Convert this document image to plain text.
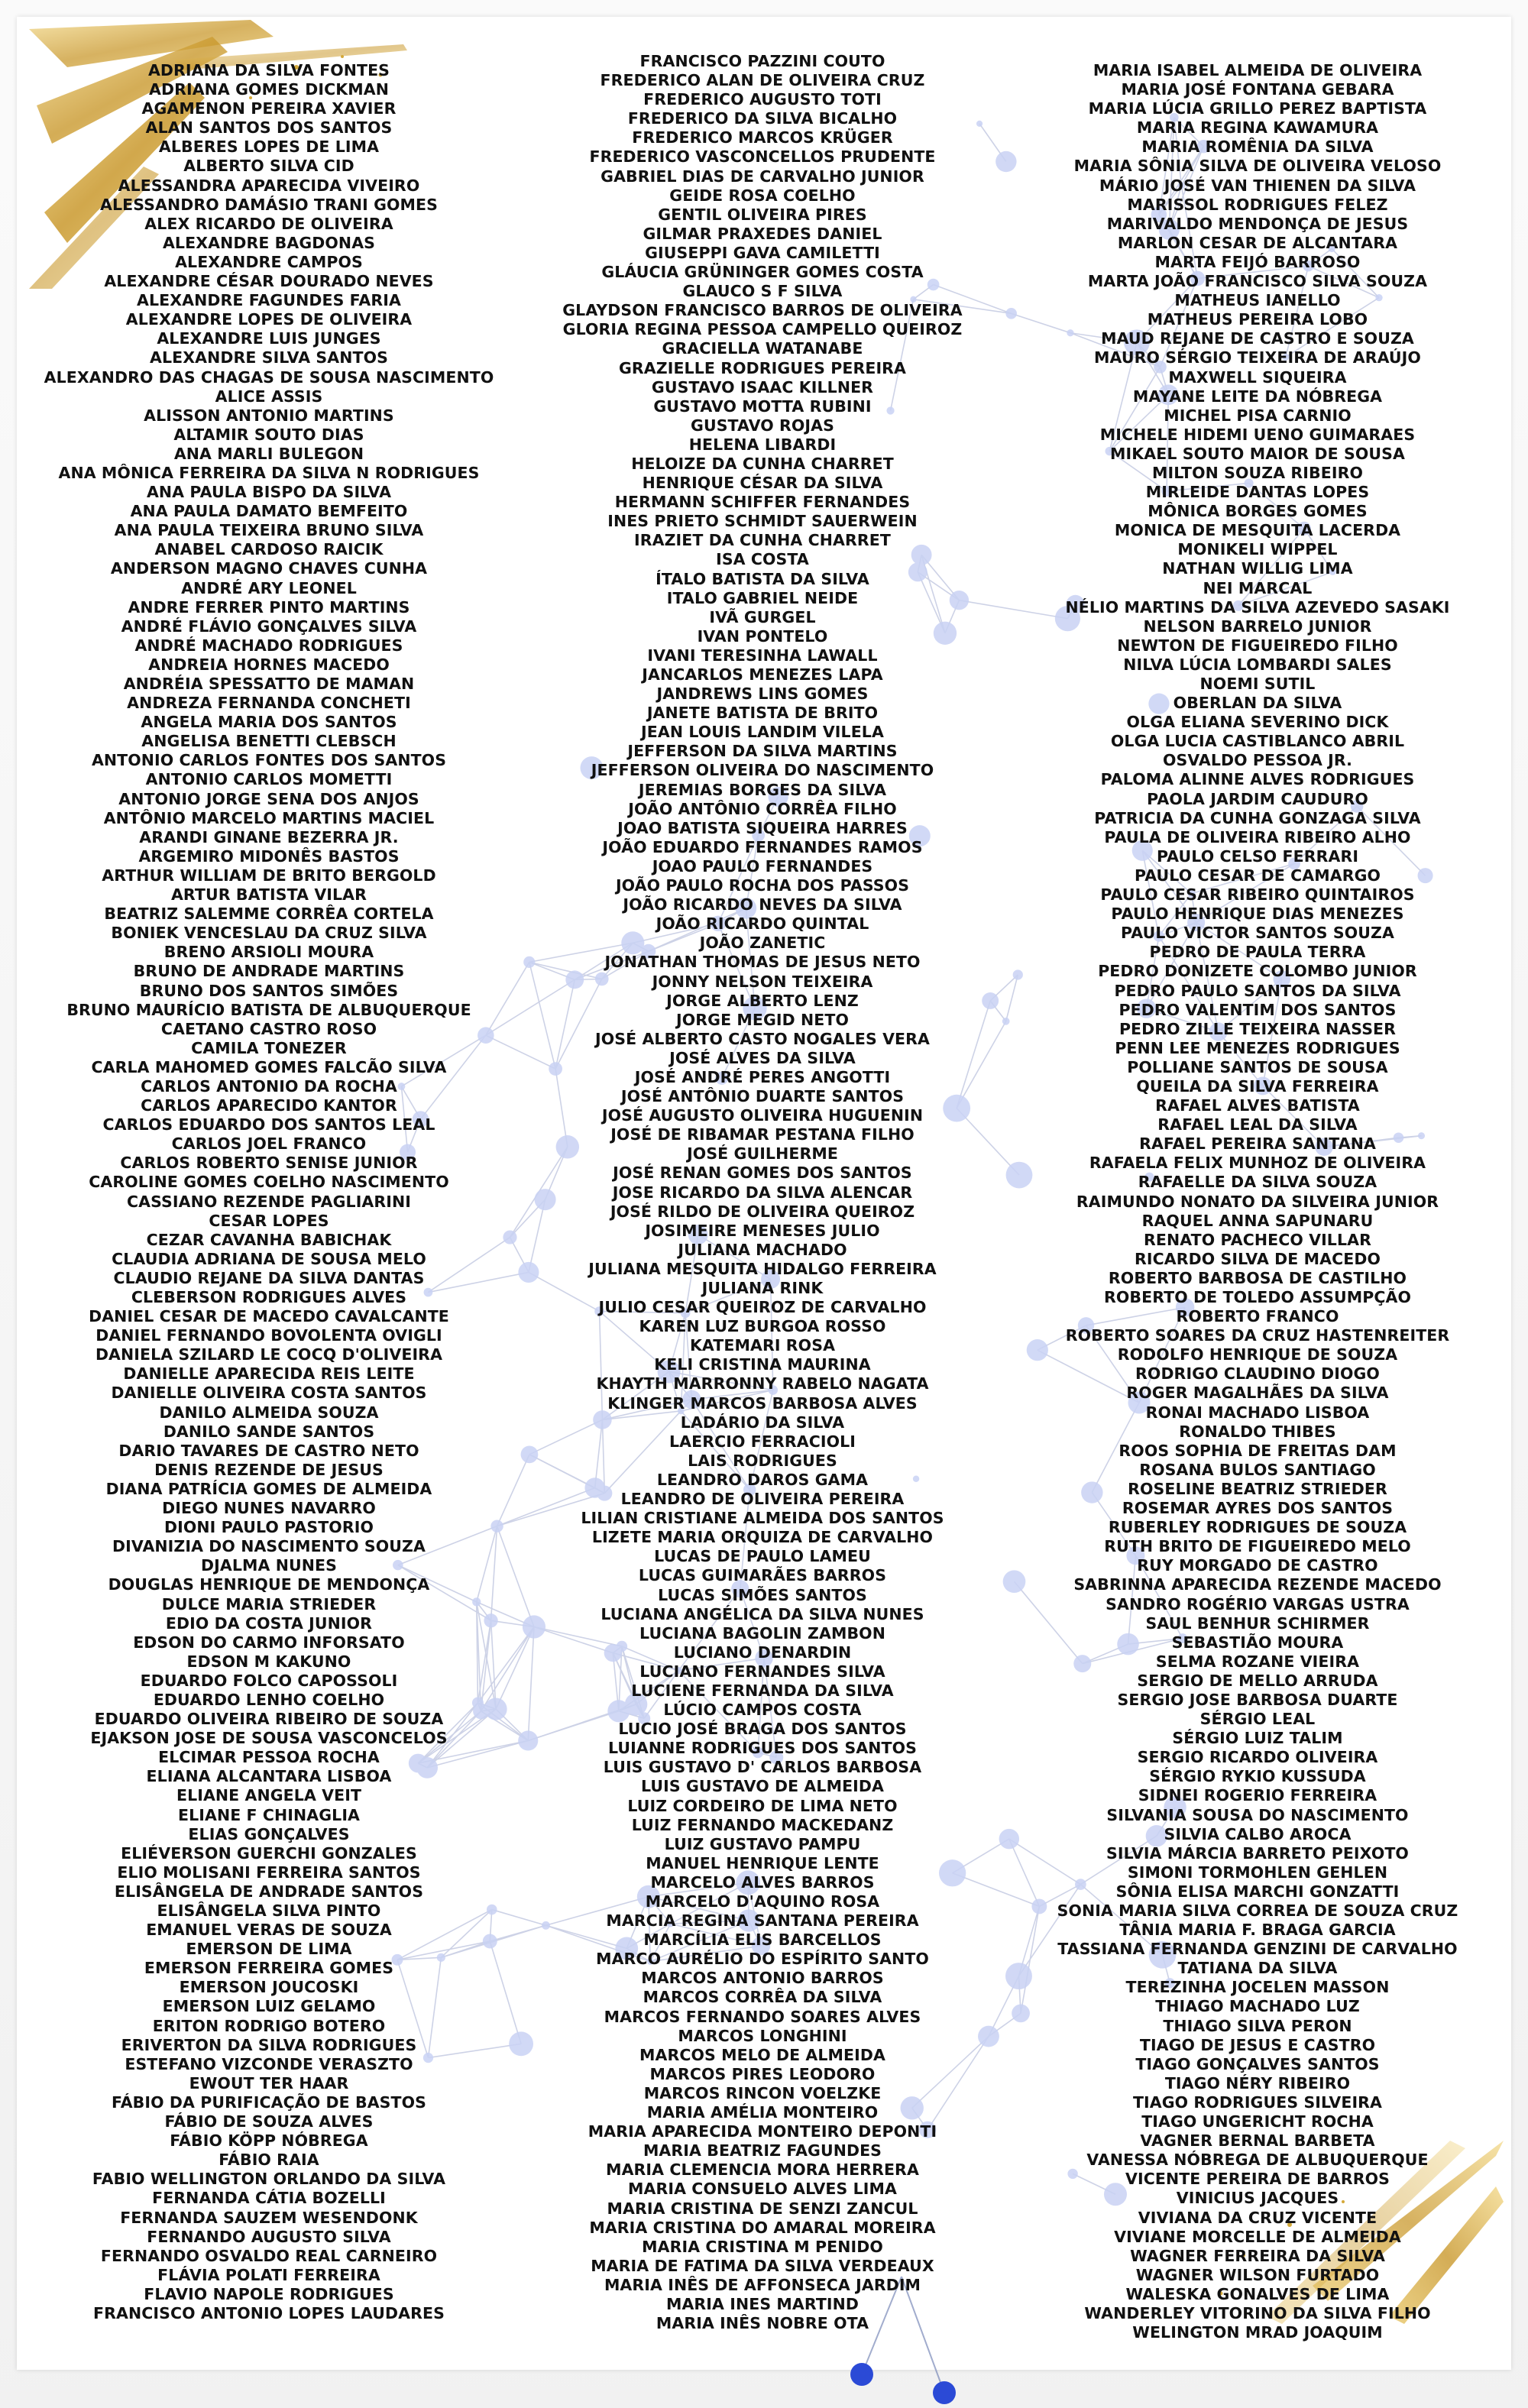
ADRIANA DA SILVA FONTES
ADRIANA GOMES DICKMAN
AGAMENON PEREIRA XAVIER
ALAN SANTOS DOS SANTOS
ALBERES LOPES DE LIMA
ALBERTO SILVA CID
ALESSANDRA APARECIDA VIVEIRO
ALESSANDRO DAMÁSIO TRANI GOMES
ALEX RICARDO DE OLIVEIRA
ALEXANDRE BAGDONAS
ALEXANDRE CAMPOS
ALEXANDRE CÉSAR DOURADO NEVES
ALEXANDRE FAGUNDES FARIA
ALEXANDRE LOPES DE OLIVEIRA
ALEXANDRE LUIS JUNGES
ALEXANDRE SILVA SANTOS
ALEXANDRO DAS CHAGAS DE SOUSA NASCIMENTO
ALICE ASSIS
ALISSON ANTONIO MARTINS
ALTAMIR SOUTO DIAS
ANA MARLI BULEGON
ANA MÔNICA FERREIRA DA SILVA N RODRIGUES
ANA PAULA BISPO DA SILVA
ANA PAULA DAMATO BEMFEITO
ANA PAULA TEIXEIRA BRUNO SILVA
ANABEL CARDOSO RAICIK
ANDERSON MAGNO CHAVES CUNHA
ANDRÉ ARY LEONEL
ANDRE FERRER PINTO MARTINS
ANDRÉ FLÁVIO GONÇALVES SILVA
ANDRÉ MACHADO RODRIGUES
ANDREIA HORNES MACEDO
ANDRÉIA SPESSATTO DE MAMAN
ANDREZA FERNANDA CONCHETI
ANGELA MARIA DOS SANTOS
ANGELISA BENETTI CLEBSCH
ANTONIO CARLOS FONTES DOS SANTOS
ANTONIO CARLOS MOMETTI
ANTONIO JORGE SENA DOS ANJOS
ANTÔNIO MARCELO MARTINS MACIEL
ARANDI GINANE BEZERRA JR.
ARGEMIRO MIDONÊS BASTOS
ARTHUR WILLIAM DE BRITO BERGOLD
ARTUR BATISTA VILAR
BEATRIZ SALEMME CORRÊA CORTELA
BONIEK VENCESLAU DA CRUZ SILVA
BRENO ARSIOLI MOURA
BRUNO DE ANDRADE MARTINS
BRUNO DOS SANTOS SIMÕES
BRUNO MAURÍCIO BATISTA DE ALBUQUERQUE
CAETANO CASTRO ROSO
CAMILA TONEZER
CARLA MAHOMED GOMES FALCÃO SILVA
CARLOS ANTONIO DA ROCHA
CARLOS APARECIDO KANTOR
CARLOS EDUARDO DOS SANTOS LEAL
CARLOS JOEL FRANCO
CARLOS ROBERTO SENISE JUNIOR
CAROLINE GOMES COELHO NASCIMENTO
CASSIANO REZENDE PAGLIARINI
CESAR LOPES
CEZAR CAVANHA BABICHAK
CLAUDIA ADRIANA DE SOUSA MELO
CLAUDIO REJANE DA SILVA DANTAS
CLEBERSON RODRIGUES ALVES
DANIEL CESAR DE MACEDO CAVALCANTE
DANIEL FERNANDO BOVOLENTA OVIGLI
DANIELA SZILARD LE COCQ D'OLIVEIRA
DANIELLE APARECIDA REIS LEITE
DANIELLE OLIVEIRA COSTA SANTOS
DANILO ALMEIDA SOUZA
DANILO SANDE SANTOS
DARIO TAVARES DE CASTRO NETO
DENIS REZENDE DE JESUS
DIANA PATRÍCIA GOMES DE ALMEIDA
DIEGO NUNES NAVARRO
DIONI PAULO PASTORIO
DIVANIZIA DO NASCIMENTO SOUZA
DJALMA NUNES
DOUGLAS HENRIQUE DE MENDONÇA
DULCE MARIA STRIEDER
EDIO DA COSTA JUNIOR
EDSON DO CARMO INFORSATO
EDSON M KAKUNO
EDUARDO FOLCO CAPOSSOLI
EDUARDO LENHO COELHO
EDUARDO OLIVEIRA RIBEIRO DE SOUZA
EJAKSON JOSE DE SOUSA VASCONCELOS
ELCIMAR PESSOA ROCHA
ELIANA ALCANTARA LISBOA
ELIANE ANGELA VEIT
ELIANE F CHINAGLIA
ELIAS GONÇALVES
ELIÉVERSON GUERCHI GONZALES
ELIO MOLISANI FERREIRA SANTOS
ELISÂNGELA DE ANDRADE SANTOS
ELISÂNGELA SILVA PINTO
EMANUEL VERAS DE SOUZA
EMERSON DE LIMA
EMERSON FERREIRA GOMES
EMERSON JOUCOSKI
EMERSON LUIZ GELAMO
ERITON RODRIGO BOTERO
ERIVERTON DA SILVA RODRIGUES
ESTEFANO VIZCONDE VERASZTO
EWOUT TER HAAR
FÁBIO DA PURIFICAÇÃO DE BASTOS
FÁBIO DE SOUZA ALVES
FÁBIO KÖPP NÓBREGA
FÁBIO RAIA
FABIO WELLINGTON ORLANDO DA SILVA
FERNANDA CÁTIA BOZELLI
FERNANDA SAUZEM WESENDONK
FERNANDO AUGUSTO SILVA
FERNANDO OSVALDO REAL CARNEIRO
FLÁVIA POLATI FERREIRA
FLAVIO NAPOLE RODRIGUES
FRANCISCO ANTONIO LOPES LAUDARES
FRANCISCO PAZZINI COUTO
FREDERICO ALAN DE OLIVEIRA CRUZ
FREDERICO AUGUSTO TOTI
FREDERICO DA SILVA BICALHO
FREDERICO MARCOS KRÜGER
FREDERICO VASCONCELLOS PRUDENTE
GABRIEL DIAS DE CARVALHO JUNIOR
GEIDE ROSA COELHO
GENTIL OLIVEIRA PIRES
GILMAR PRAXEDES DANIEL
GIUSEPPI GAVA CAMILETTI
GLÁUCIA GRÜNINGER GOMES COSTA
GLAUCO S F SILVA
GLAYDSON FRANCISCO BARROS DE OLIVEIRA
GLORIA REGINA PESSOA CAMPELLO QUEIROZ
GRACIELLA WATANABE
GRAZIELLE RODRIGUES PEREIRA
GUSTAVO ISAAC KILLNER
GUSTAVO MOTTA RUBINI
GUSTAVO ROJAS
HELENA LIBARDI
HELOIZE DA CUNHA CHARRET
HENRIQUE CÉSAR DA SILVA
HERMANN SCHIFFER FERNANDES
INES PRIETO SCHMIDT SAUERWEIN
IRAZIET DA CUNHA CHARRET
ISA COSTA
ÍTALO BATISTA DA SILVA
ITALO GABRIEL NEIDE
IVÃ GURGEL
IVAN PONTELO
IVANI TERESINHA LAWALL
JANCARLOS MENEZES LAPA
JANDREWS LINS GOMES
JANETE BATISTA DE BRITO
JEAN LOUIS LANDIM VILELA
JEFFERSON DA SILVA MARTINS
JEFFERSON OLIVEIRA DO NASCIMENTO
JEREMIAS BORGES DA SILVA
JOÃO ANTÔNIO CORRÊA FILHO
JOAO BATISTA SIQUEIRA HARRES
JOÃO EDUARDO FERNANDES RAMOS
JOAO PAULO FERNANDES
JOÃO PAULO ROCHA DOS PASSOS
JOÃO RICARDO NEVES DA SILVA
JOÃO RICARDO QUINTAL
JOÃO ZANETIC
JONATHAN THOMAS DE JESUS NETO
JONNY NELSON TEIXEIRA
JORGE ALBERTO LENZ
JORGE MEGID NETO
JOSÉ ALBERTO CASTO NOGALES VERA
JOSÉ ALVES DA SILVA
JOSÉ ANDRÉ PERES ANGOTTI
JOSÉ ANTÔNIO DUARTE SANTOS
JOSÉ AUGUSTO OLIVEIRA HUGUENIN
JOSÉ DE RIBAMAR PESTANA FILHO
JOSÉ GUILHERME
JOSÉ RENAN GOMES DOS SANTOS
JOSE RICARDO DA SILVA ALENCAR
JOSÉ RILDO DE OLIVEIRA QUEIROZ
JOSIMEIRE MENESES JULIO
JULIANA MACHADO
JULIANA MESQUITA HIDALGO FERREIRA
JULIANA RINK
JULIO CESAR QUEIROZ DE CARVALHO
KAREN LUZ BURGOA ROSSO
KATEMARI ROSA
KELI CRISTINA MAURINA
KHAYTH MARRONNY RABELO NAGATA
KLINGER MARCOS BARBOSA ALVES
LADÁRIO DA SILVA
LAERCIO FERRACIOLI
LAIS RODRIGUES
LEANDRO DAROS GAMA
LEANDRO DE OLIVEIRA PEREIRA
LILIAN CRISTIANE ALMEIDA DOS SANTOS
LIZETE MARIA ORQUIZA DE CARVALHO
LUCAS DE PAULO LAMEU
LUCAS GUIMARÃES BARROS
LUCAS SIMÕES SANTOS
LUCIANA ANGÉLICA DA SILVA NUNES
LUCIANA BAGOLIN ZAMBON
LUCIANO DENARDIN
LUCIANO FERNANDES SILVA
LUCIENE FERNANDA DA SILVA
LÚCIO CAMPOS COSTA
LUCIO JOSÉ BRAGA DOS SANTOS
LUIANNE RODRIGUES DOS SANTOS
LUIS GUSTAVO D' CARLOS BARBOSA
LUIS GUSTAVO DE ALMEIDA
LUIZ CORDEIRO DE LIMA NETO
LUIZ FERNANDO MACKEDANZ
LUIZ GUSTAVO PAMPU
MANUEL HENRIQUE LENTE
MARCELO ALVES BARROS
MARCELO D'AQUINO ROSA
MARCIA REGINA SANTANA PEREIRA
MARCÍLIA ELIS BARCELLOS
MARCO AURÉLIO DO ESPÍRITO SANTO
MARCOS ANTONIO BARROS
MARCOS CORRÊA DA SILVA
MARCOS FERNANDO SOARES ALVES
MARCOS LONGHINI
MARCOS MELO DE ALMEIDA
MARCOS PIRES LEODORO
MARCOS RINCON VOELZKE
MARIA AMÉLIA MONTEIRO
MARIA APARECIDA MONTEIRO DEPONTI
MARIA BEATRIZ FAGUNDES
MARIA CLEMENCIA MORA HERRERA
MARIA CONSUELO ALVES LIMA
MARIA CRISTINA DE SENZI ZANCUL
MARIA CRISTINA DO AMARAL MOREIRA
MARIA CRISTINA M PENIDO
MARIA DE FATIMA DA SILVA VERDEAUX
MARIA INÊS DE AFFONSECA JARDIM
MARIA INES MARTIND
MARIA INÊS NOBRE OTA
MARIA ISABEL ALMEIDA DE OLIVEIRA
MARIA JOSÉ FONTANA GEBARA
MARIA LÚCIA GRILLO PEREZ BAPTISTA
MARIA REGINA KAWAMURA
MARIA ROMÊNIA DA SILVA
MARIA SÔNIA SILVA DE OLIVEIRA VELOSO
MÁRIO JOSÉ VAN THIENEN DA SILVA
MARISSOL RODRIGUES FELEZ
MARIVALDO MENDONÇA DE JESUS
MARLON CESAR DE ALCANTARA
MARTA FEIJÓ BARROSO
MARTA JOÃO FRANCISCO SILVA SOUZA
MATHEUS IANELLO
MATHEUS PEREIRA LOBO
MAUD REJANE DE CASTRO E SOUZA
MAURO SÉRGIO TEIXEIRA DE ARAÚJO
MAXWELL SIQUEIRA
MAYANE LEITE DA NÓBREGA
MICHEL PISA CARNIO
MICHELE HIDEMI UENO GUIMARAES
MIKAEL SOUTO MAIOR DE SOUSA
MILTON SOUZA RIBEIRO
MIRLEIDE DANTAS LOPES
MÔNICA BORGES GOMES
MONICA DE MESQUITA LACERDA
MONIKELI WIPPEL
NATHAN WILLIG LIMA
NEI MARCAL
NÉLIO MARTINS DA SILVA AZEVEDO SASAKI
NELSON BARRELO JUNIOR
NEWTON DE FIGUEIREDO FILHO
NILVA LÚCIA LOMBARDI SALES
NOEMI SUTIL
OBERLAN DA SILVA
OLGA ELIANA SEVERINO DICK
OLGA LUCIA CASTIBLANCO ABRIL
OSVALDO PESSOA JR.
PALOMA ALINNE ALVES RODRIGUES
PAOLA JARDIM CAUDURO
PATRICIA DA CUNHA GONZAGA SILVA
PAULA DE OLIVEIRA RIBEIRO ALHO
PAULO CELSO FERRARI
PAULO CESAR DE CAMARGO
PAULO CESAR RIBEIRO QUINTAIROS
PAULO HENRIQUE DIAS MENEZES
PAULO VICTOR SANTOS SOUZA
PEDRO DE PAULA TERRA
PEDRO DONIZETE COLOMBO JUNIOR
PEDRO PAULO SANTOS DA SILVA
PEDRO VALENTIM DOS SANTOS
PEDRO ZILLE TEIXEIRA NASSER
PENN LEE MENEZES RODRIGUES
POLLIANE SANTOS DE SOUSA
QUEILA DA SILVA FERREIRA
RAFAEL ALVES BATISTA
RAFAEL LEAL DA SILVA
RAFAEL PEREIRA SANTANA
RAFAELA FELIX MUNHOZ DE OLIVEIRA
RAFAELLE DA SILVA SOUZA
RAIMUNDO NONATO DA SILVEIRA JUNIOR
RAQUEL ANNA SAPUNARU
RENATO PACHECO VILLAR
RICARDO SILVA DE MACEDO
ROBERTO BARBOSA DE CASTILHO
ROBERTO DE TOLEDO ASSUMPÇÃO
ROBERTO FRANCO
ROBERTO SOARES DA CRUZ HASTENREITER
RODOLFO HENRIQUE DE SOUZA
RODRIGO CLAUDINO DIOGO
ROGER MAGALHÃES DA SILVA
RONAI MACHADO LISBOA
RONALDO THIBES
ROOS SOPHIA DE FREITAS DAM
ROSANA BULOS SANTIAGO
ROSELINE BEATRIZ STRIEDER
ROSEMAR AYRES DOS SANTOS
RUBERLEY RODRIGUES DE SOUZA
RUTH BRITO DE FIGUEIREDO MELO
RUY MORGADO DE CASTRO
SABRINNA APARECIDA REZENDE MACEDO
SANDRO ROGÉRIO VARGAS USTRA
SAUL BENHUR SCHIRMER
SEBASTIÃO MOURA
SELMA ROZANE VIEIRA
SERGIO DE MELLO ARRUDA
SERGIO JOSE BARBOSA DUARTE
SÉRGIO LEAL
SÉRGIO LUIZ TALIM
SERGIO RICARDO OLIVEIRA
SÉRGIO RYKIO KUSSUDA
SIDNEI ROGERIO FERREIRA
SILVANIA SOUSA DO NASCIMENTO
SILVIA CALBO AROCA
SILVIA MÁRCIA BARRETO PEIXOTO
SIMONI TORMOHLEN GEHLEN
SÔNIA ELISA MARCHI GONZATTI
SONIA MARIA SILVA CORREA DE SOUZA CRUZ
TÂNIA MARIA F. BRAGA GARCIA
TASSIANA FERNANDA GENZINI DE CARVALHO
TATIANA DA SILVA
TEREZINHA JOCELEN MASSON
THIAGO MACHADO LUZ
THIAGO SILVA PERON
TIAGO DE JESUS E CASTRO
TIAGO GONÇALVES SANTOS
TIAGO NÉRY RIBEIRO
TIAGO RODRIGUES SILVEIRA
TIAGO UNGERICHT ROCHA
VAGNER BERNAL BARBETA
VANESSA NÓBREGA DE ALBUQUERQUE
VICENTE PEREIRA DE BARROS
VINICIUS JACQUES
VIVIANA DA CRUZ VICENTE
VIVIANE MORCELLE DE ALMEIDA
WAGNER FERREIRA DA SILVA
WAGNER WILSON FURTADO
WALESKA GONALVES DE LIMA
WANDERLEY VITORINO DA SILVA FILHO
WELINGTON MRAD JOAQUIM
